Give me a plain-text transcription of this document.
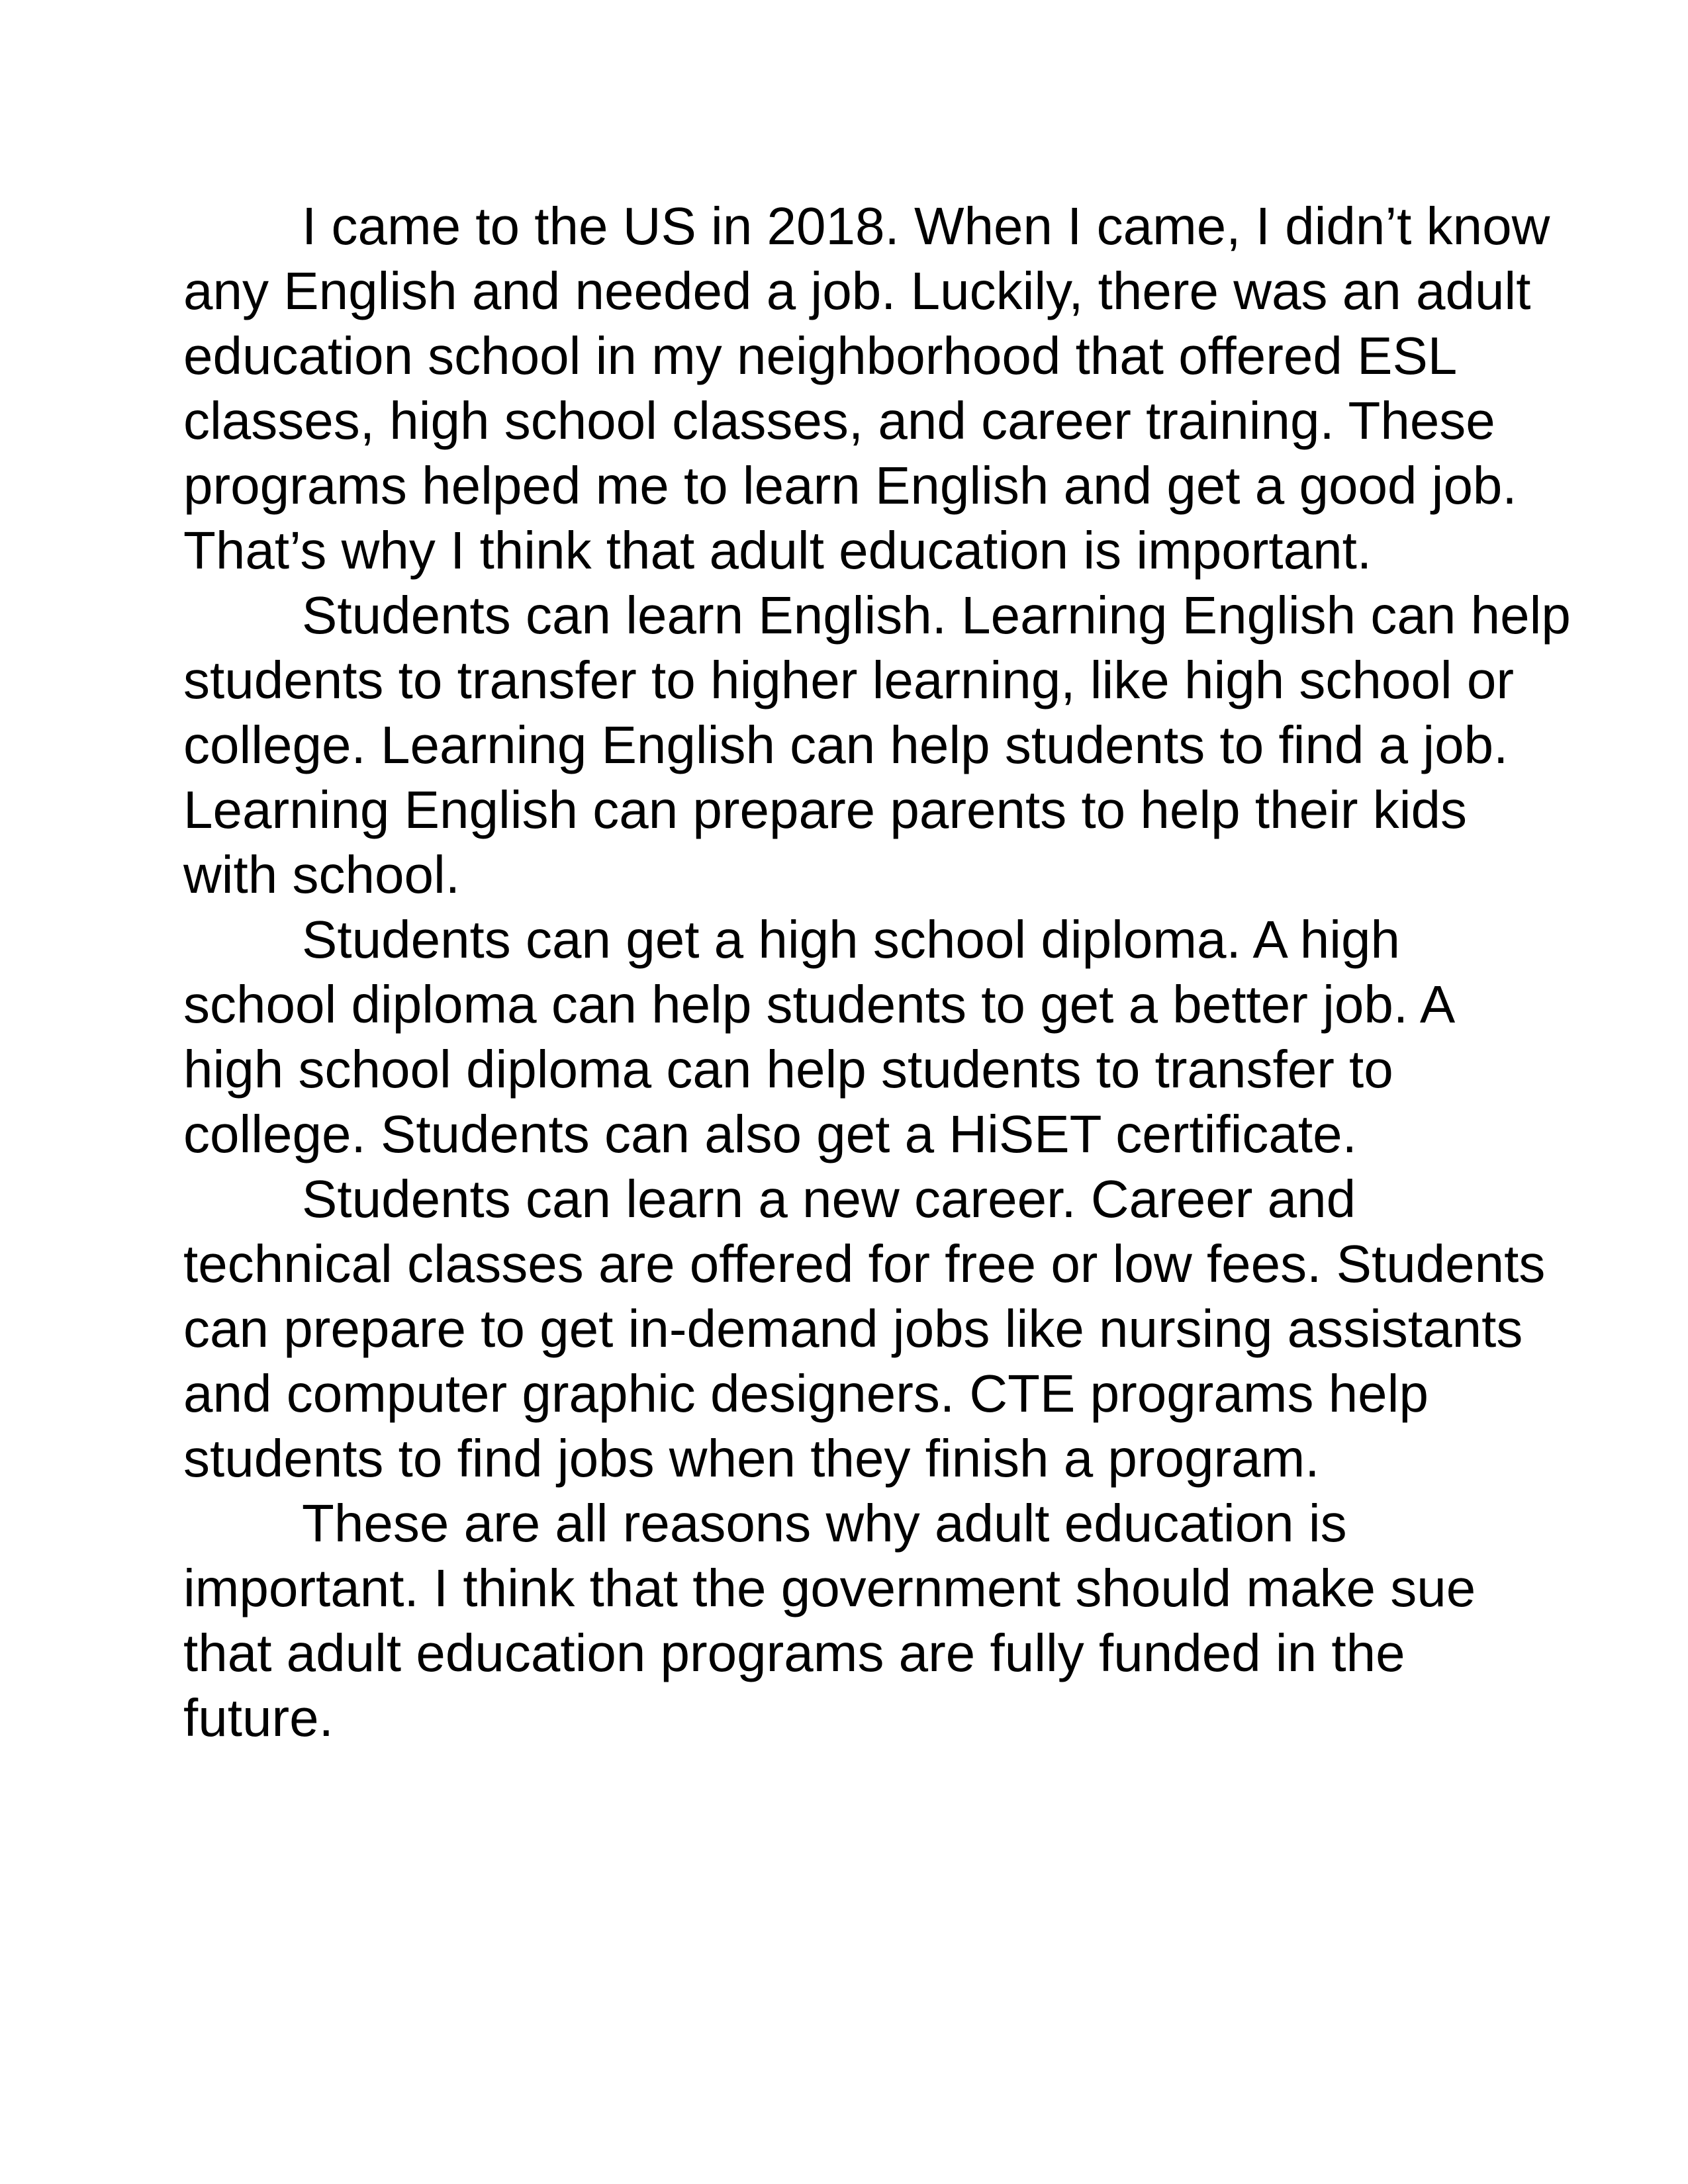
I came to the US in 2018. When I came, I didn’t know
any English and needed a job. Luckily, there was an adult
education school in my neighborhood that offered ESL
classes, high school classes, and career training. These
programs helped me to learn English and get a good job.
That’s why I think that adult education is important.
Students can learn English. Learning English can help
students to transfer to higher learning, like high school or
college. Learning English can help students to find a job.
Learning English can prepare parents to help their kids
with school.
Students can get a high school diploma. A high
school diploma can help students to get a better job. A
high school diploma can help students to transfer to
college. Students can also get a HiSET certificate.
Students can learn a new career. Career and
technical classes are offered for free or low fees. Students
can prepare to get in-demand jobs like nursing assistants
and computer graphic designers. CTE programs help
students to find jobs when they finish a program.
These are all reasons why adult education is
important. I think that the government should make sue
that adult education programs are fully funded in the
future.
